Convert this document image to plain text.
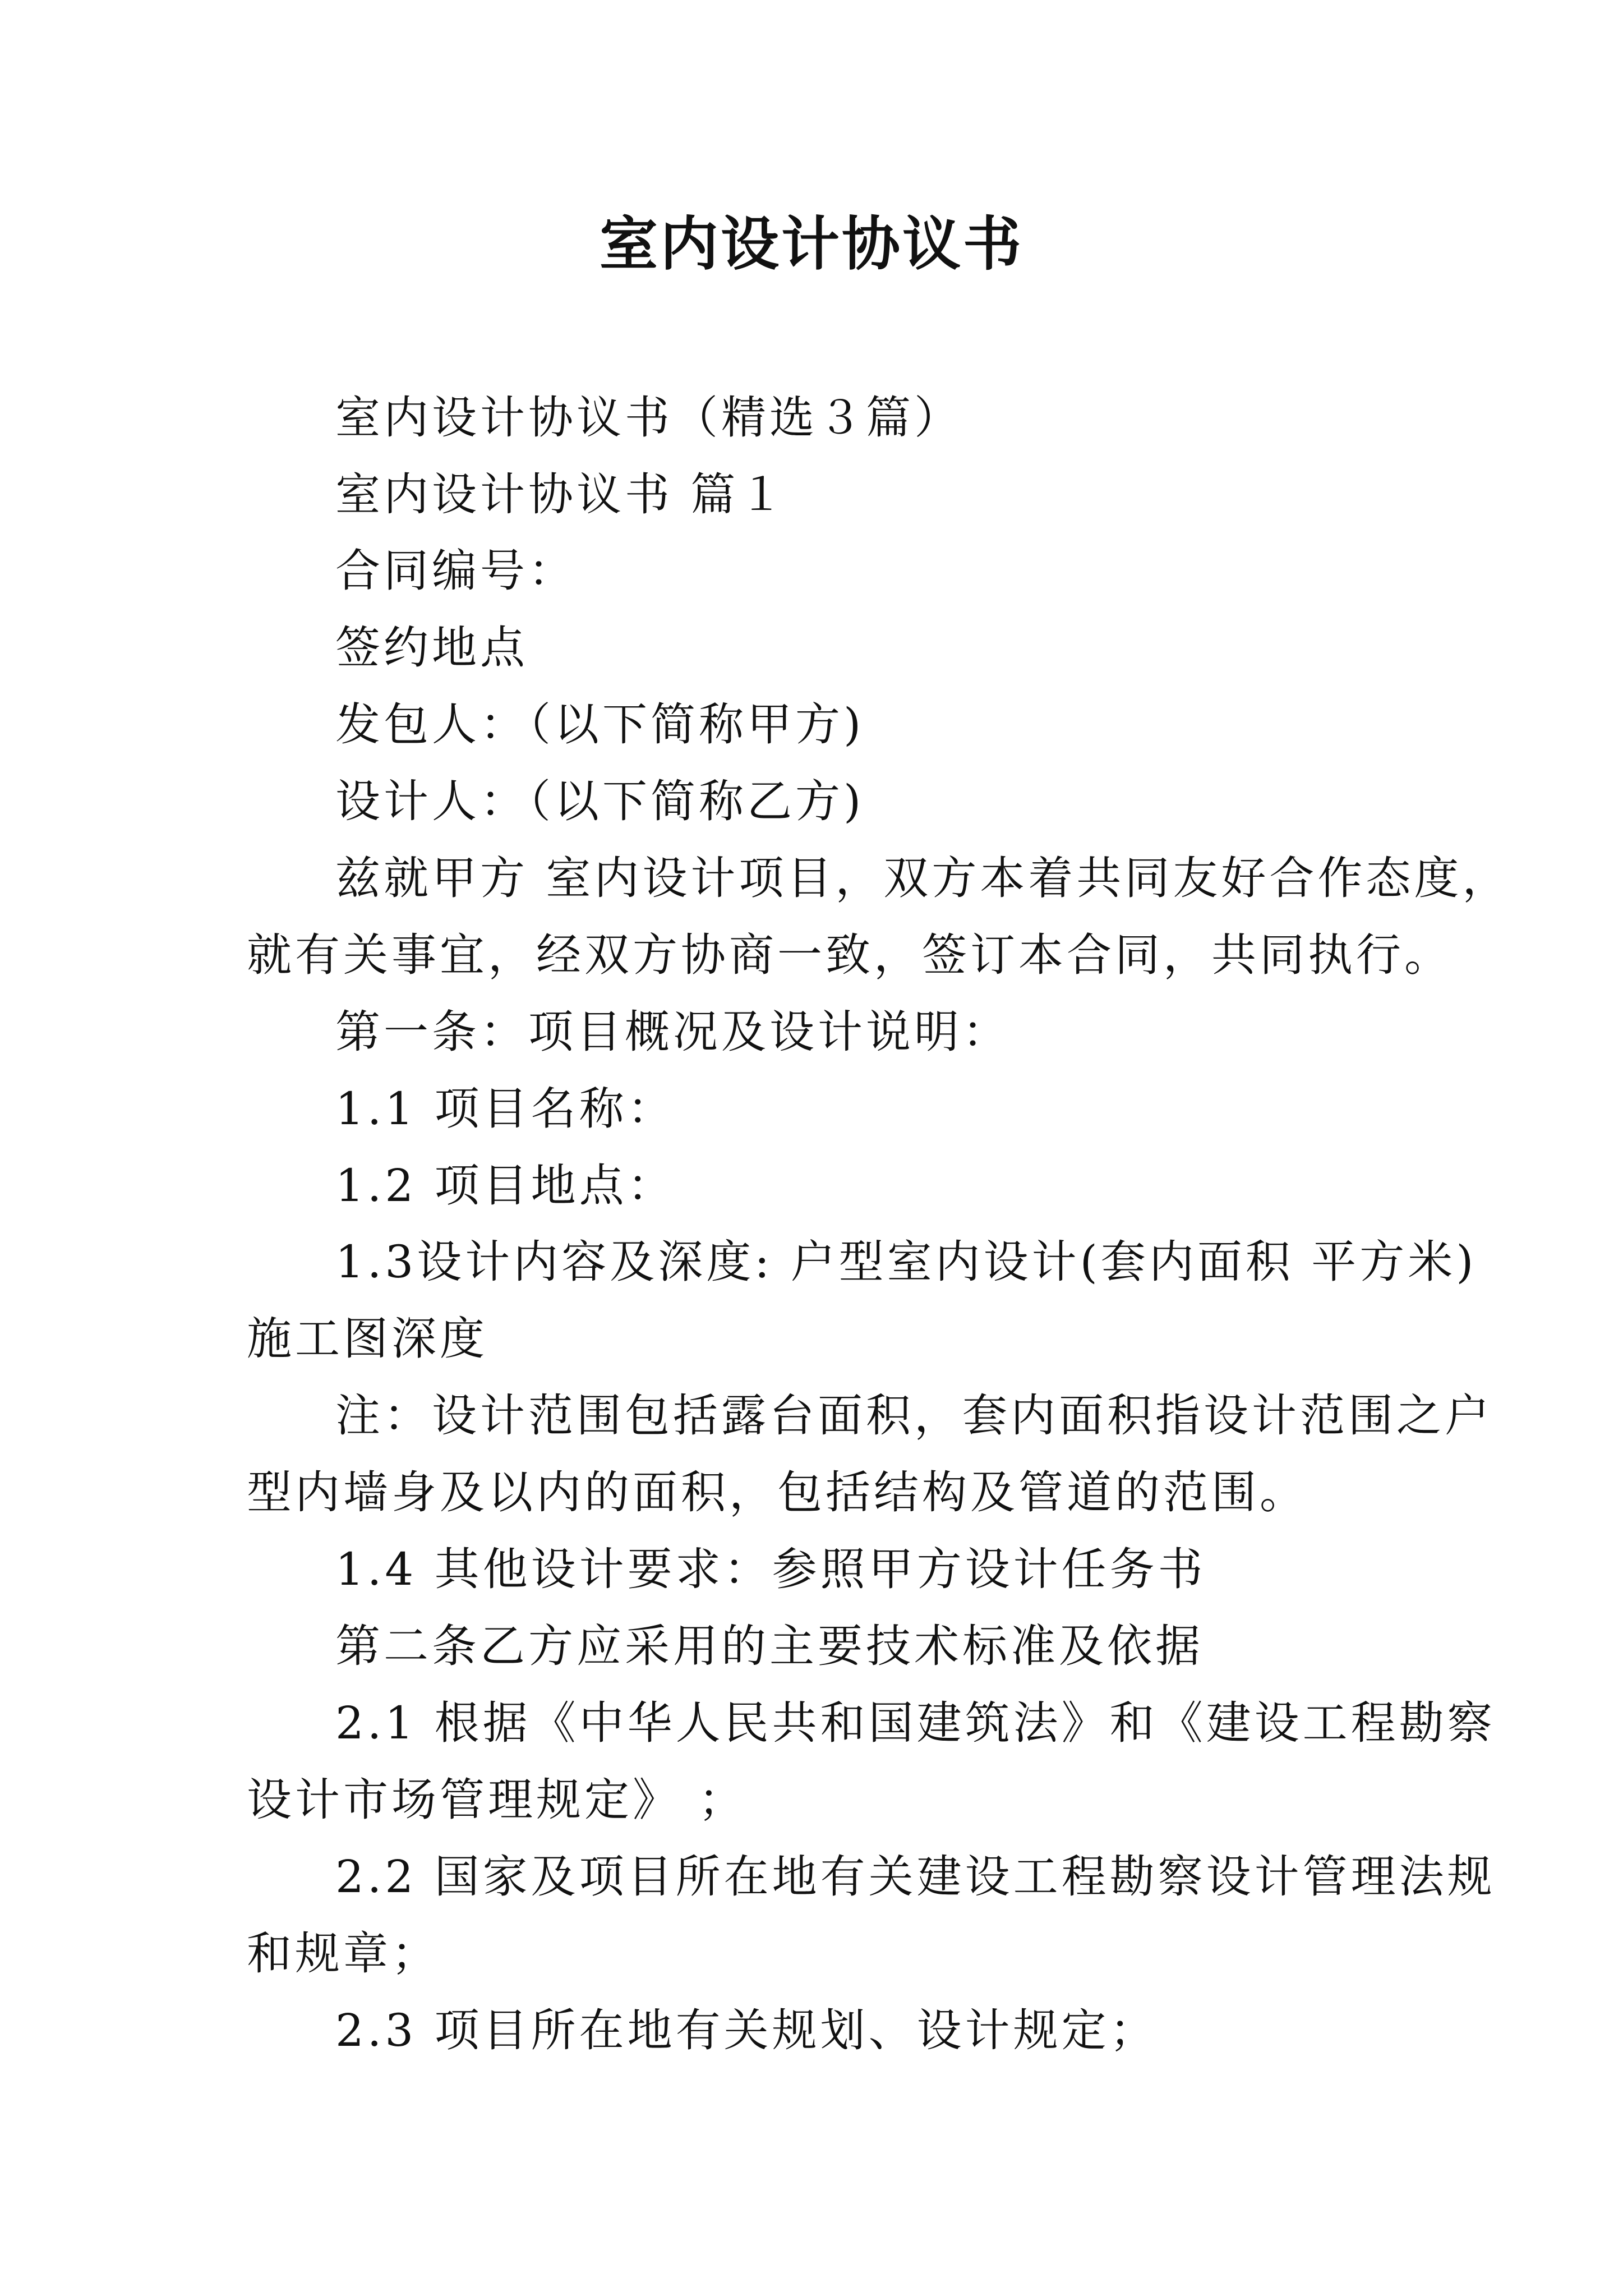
室内设计协议书

室内设计协议书（精选３篇）

室内设计协议书 篇１

合同编号：

签约地点

发包人：（以下简称甲方)

设计人：（以下简称乙方)

兹就甲方 室内设计项目，双方本着共同友好合作态度，

就有关事宜，经双方协商一致，签订本合同，共同执行。

第一条：项目概况及设计说明：

1.1 项目名称：

1.2 项目地点：

1.3设计内容及深度: 户型室内设计(套内面积 平方米)

施工图深度

注：设计范围包括露台面积，套内面积指设计范围之户

型内墙身及以内的面积，包括结构及管道的范围。

1.4 其他设计要求：参照甲方设计任务书

第二条乙方应采用的主要技术标准及依据

2.1 根据《中华人民共和国建筑法》和《建设工程勘察

设计市场管理规定》 ；

2.2 国家及项目所在地有关建设工程勘察设计管理法规

和规章；

2.3 项目所在地有关规划、设计规定；
